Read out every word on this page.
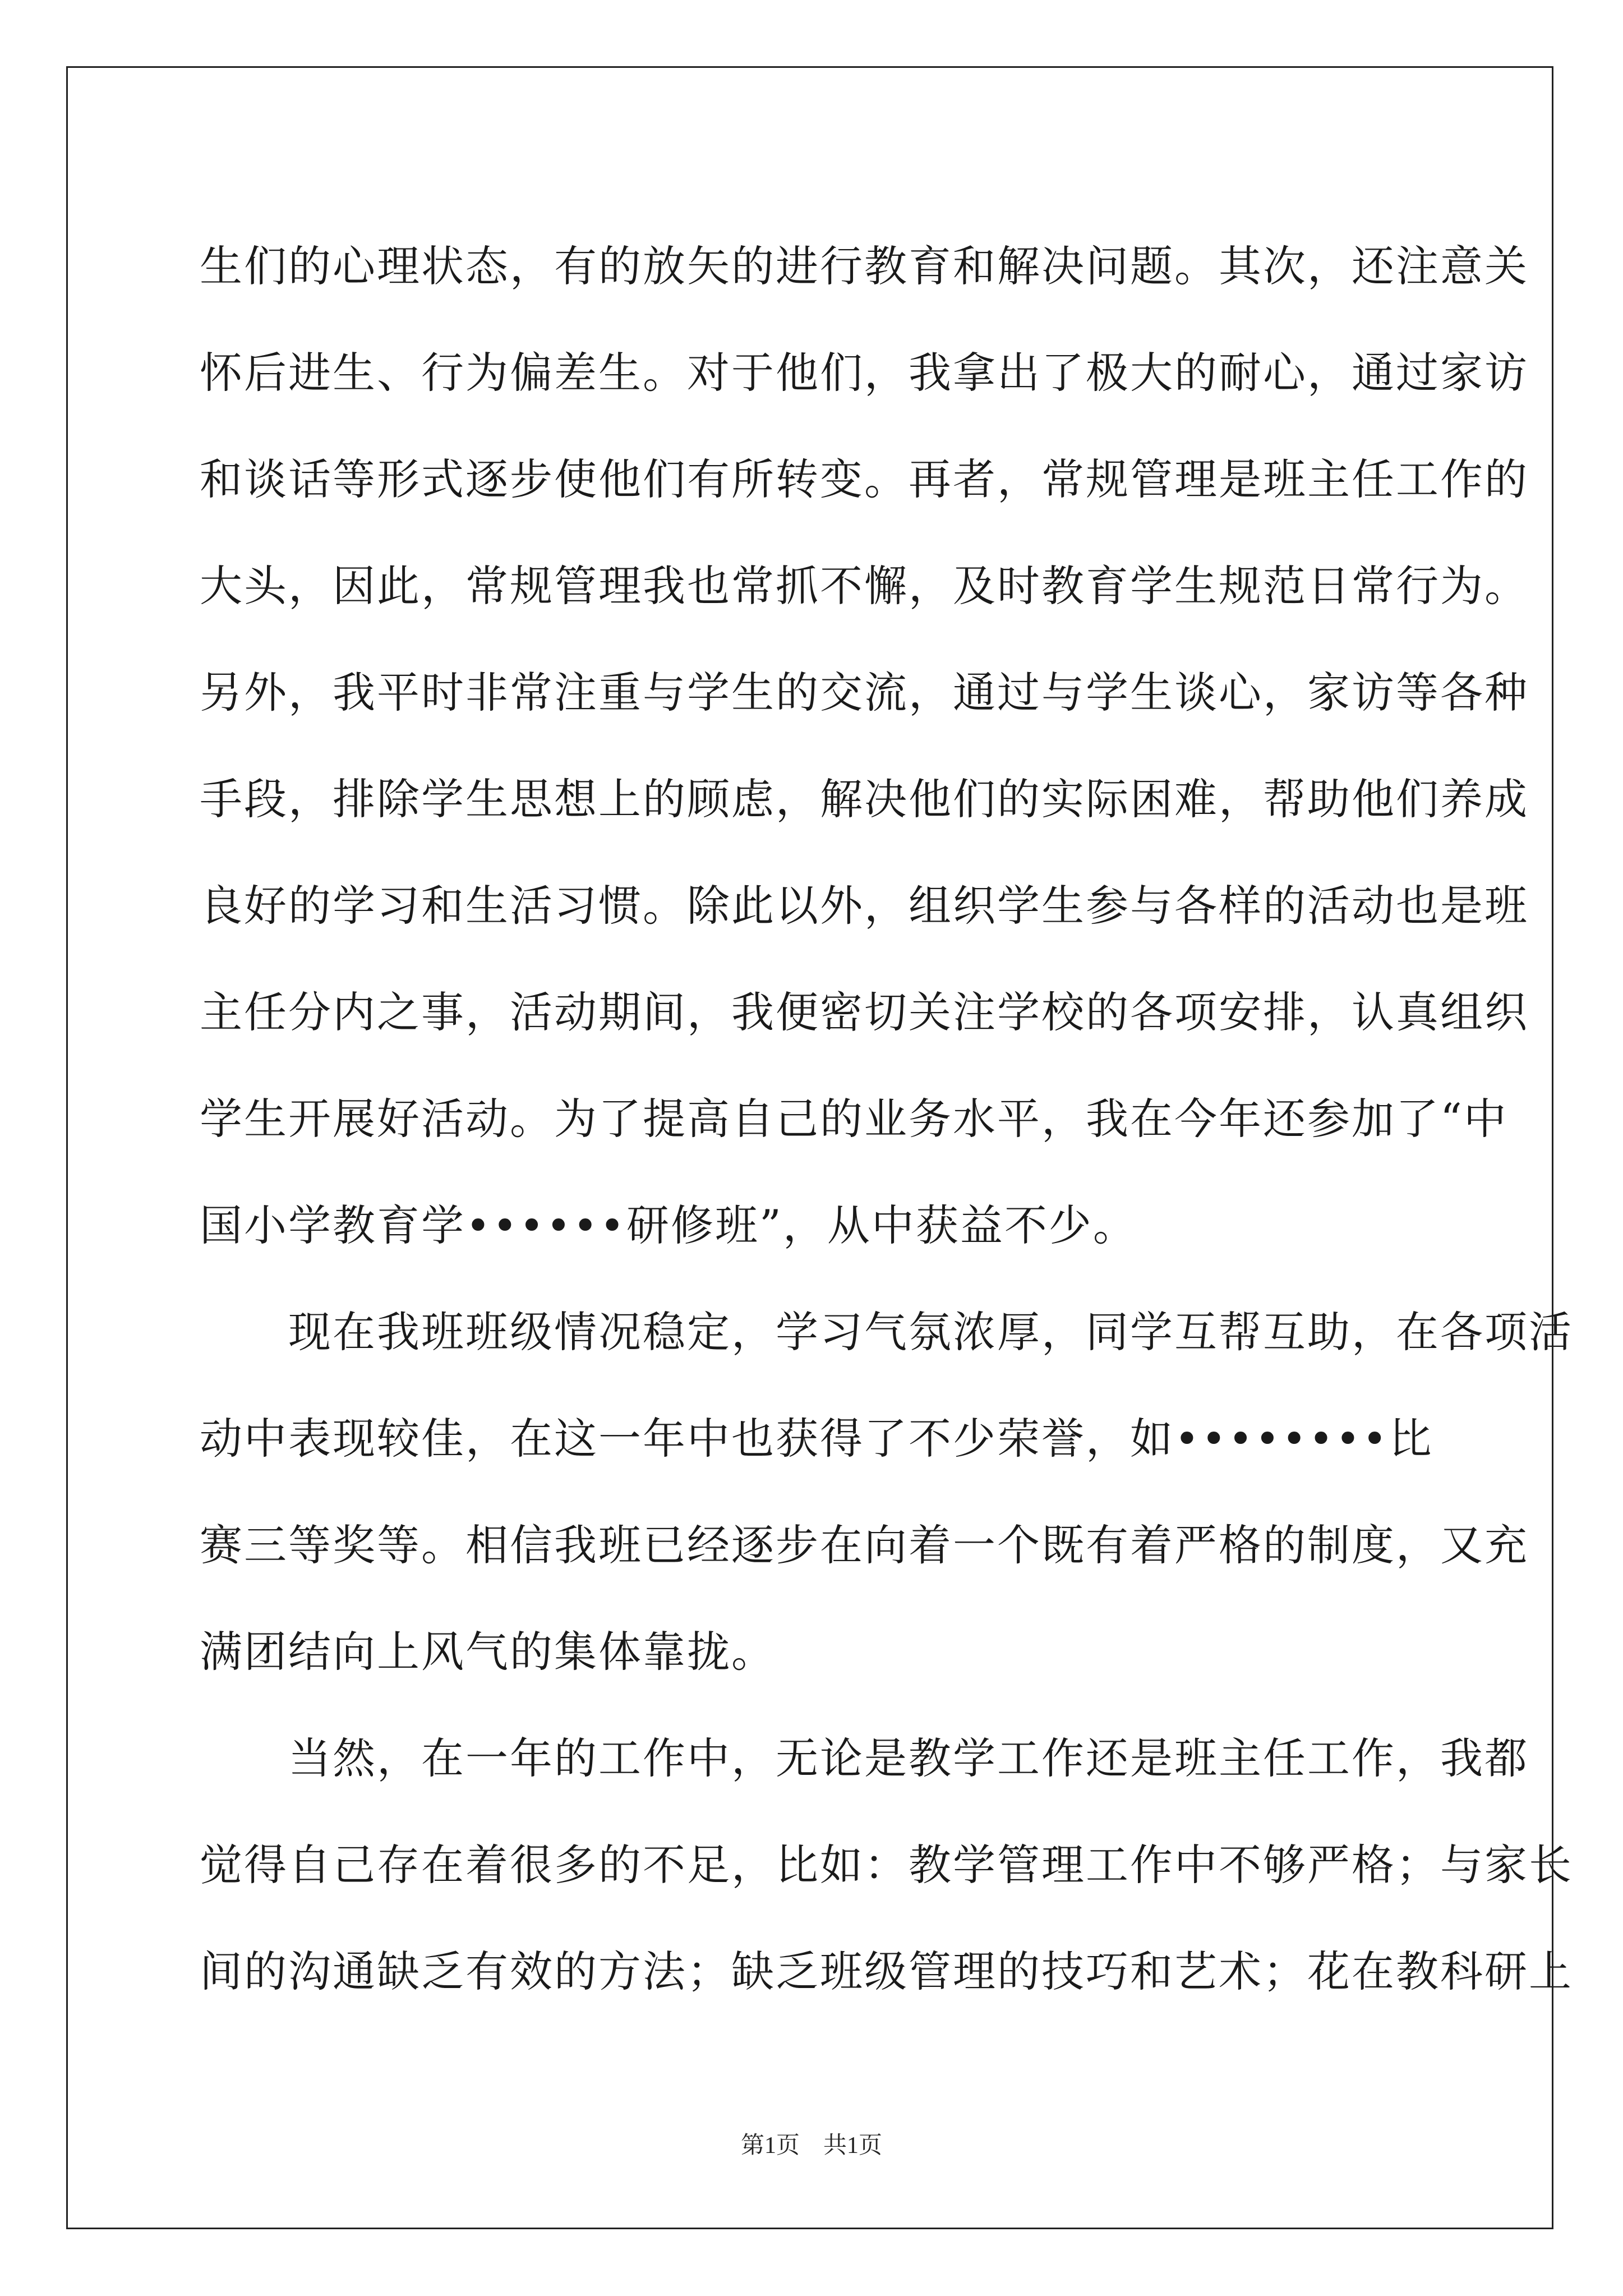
生们的心理状态，有的放矢的进行教育和解决问题。其次，还注意关
怀后进生、行为偏差生。对于他们，我拿出了极大的耐心，通过家访
和谈话等形式逐步使他们有所转变。再者，常规管理是班主任工作的
大头，因此，常规管理我也常抓不懈，及时教育学生规范日常行为。
另外，我平时非常注重与学生的交流，通过与学生谈心，家访等各种
手段，排除学生思想上的顾虑，解决他们的实际困难，帮助他们养成
良好的学习和生活习惯。除此以外，组织学生参与各样的活动也是班
主任分内之事，活动期间，我便密切关注学校的各项安排，认真组织
学生开展好活动。为了提高自己的业务水平，我在今年还参加了“中
国小学教育学••••••研修班”，从中获益不少。
　　现在我班班级情况稳定，学习气氛浓厚，同学互帮互助，在各项活
动中表现较佳，在这一年中也获得了不少荣誉，如••••••••比
赛三等奖等。相信我班已经逐步在向着一个既有着严格的制度，又充
满团结向上风气的集体靠拢。
　　当然，在一年的工作中，无论是教学工作还是班主任工作，我都
觉得自己存在着很多的不足，比如：教学管理工作中不够严格；与家长
间的沟通缺乏有效的方法；缺乏班级管理的技巧和艺术；花在教科研上
第1页　共1页
